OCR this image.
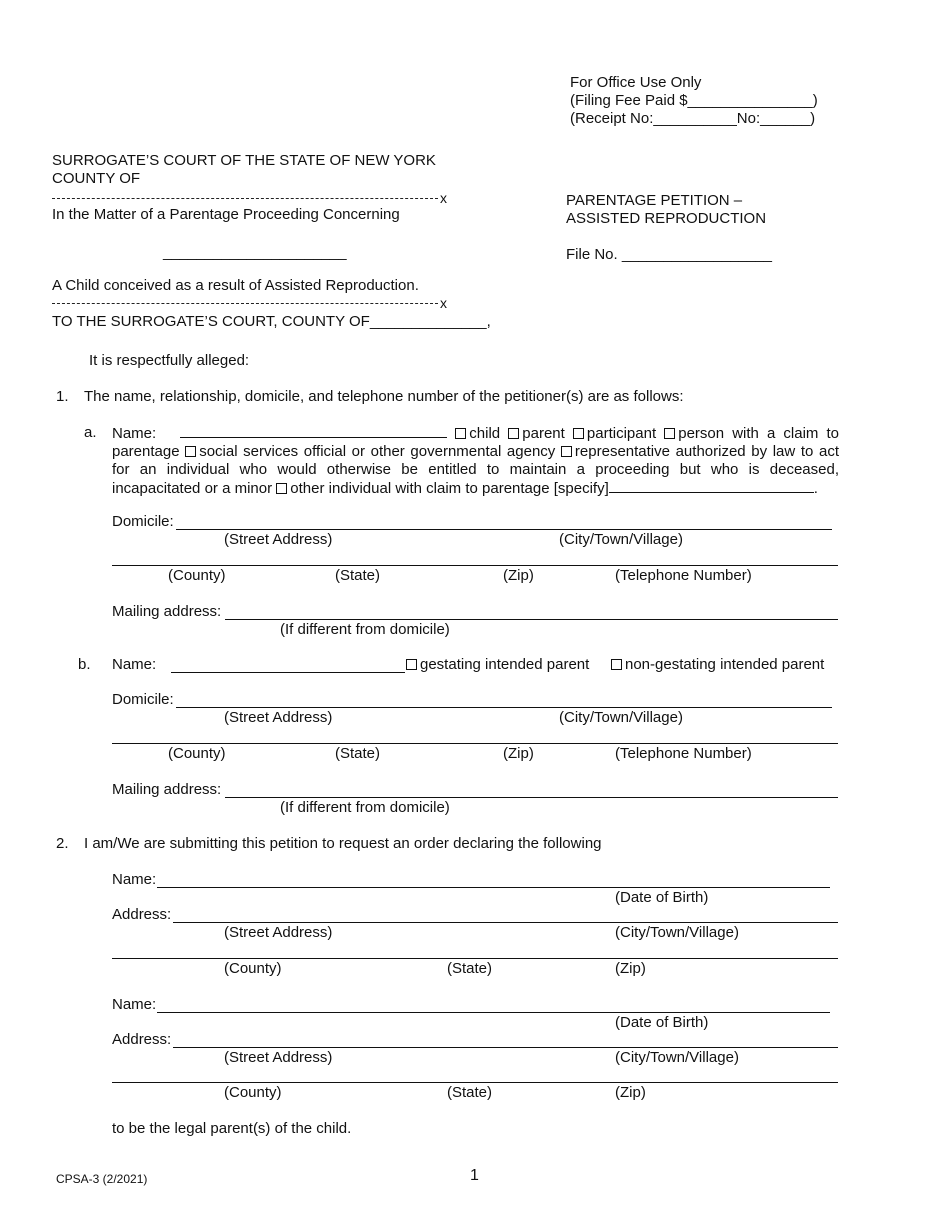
For Office Use Only
(Filing Fee Paid $_______________)
(Receipt No:__________No:______)
SURROGATE’S COURT OF THE STATE OF NEW YORK
COUNTY OF
x
In the Matter of a Parentage Proceeding Concerning
______________________
A Child conceived as a result of Assisted Reproduction.
x
TO THE SURROGATE’S COURT, COUNTY OF______________,
PARENTAGE PETITION –
ASSISTED REPRODUCTION
File No. __________________
It is respectfully alleged:
1. The name, relationship, domicile, and telephone number of the petitioner(s) are as follows:
a. Name:	child parent participant person with a claim to parentage social services official or other governmental agency representative authorized by law to act for an individual who would otherwise be entitled to maintain a proceeding but who is deceased, incapacitated or a minor other individual with claim to parentage [specify]	.
Domicile:
(Street Address)	(City/Town/Village)
(County)	(State)	(Zip)	(Telephone Number)
Mailing address:
(If different from domicile)
b. Name:	gestating intended parent	non-gestating intended parent
Domicile:
(Street Address)	(City/Town/Village)
(County)	(State)	(Zip)	(Telephone Number)
Mailing address:
(If different from domicile)
2. I am/We are submitting this petition to request an order declaring the following
Name:
(Date of Birth)
Address:
(Street Address)	(City/Town/Village)
(County)	(State)	(Zip)
Name:
(Date of Birth)
Address:
(Street Address)	(City/Town/Village)
(County)	(State)	(Zip)
to be the legal parent(s) of the child.
CPSA-3 (2/2021)	1
